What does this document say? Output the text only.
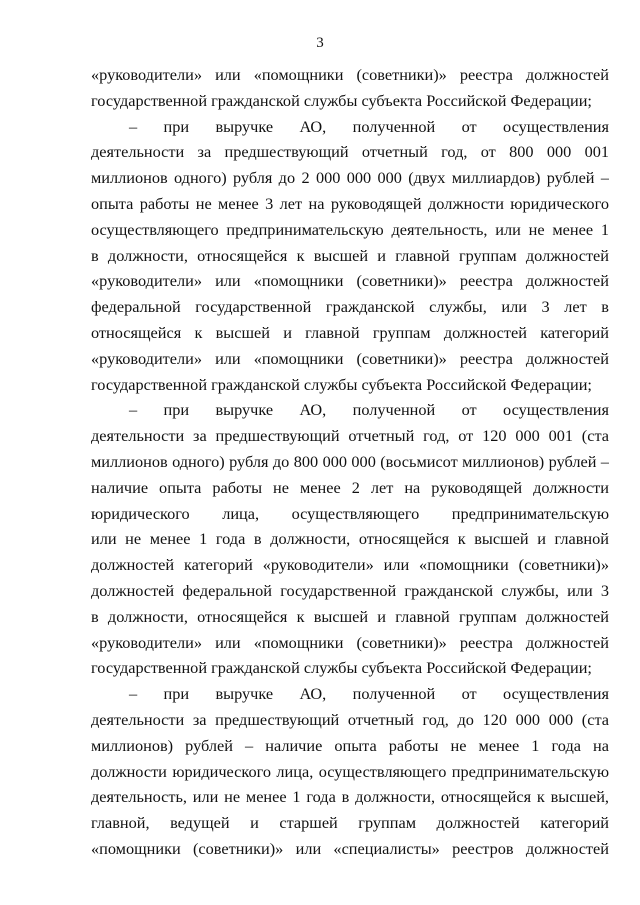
3
«руководители» или «помощники (советники)» реестра должностей
государственной гражданской службы субъекта Российской Федерации;
– при выручке АО, полученной от осуществления
деятельности за предшествующий отчетный год, от 800 000 001
миллионов одного) рубля до 2 000 000 000 (двух миллиардов) рублей –
опыта работы не менее 3 лет на руководящей должности юридического
осуществляющего предпринимательскую деятельность, или не менее 1
в должности, относящейся к высшей и главной группам должностей
«руководители» или «помощники (советники)» реестра должностей
федеральной государственной гражданской службы, или 3 лет в
относящейся к высшей и главной группам должностей категорий
«руководители» или «помощники (советники)» реестра должностей
государственной гражданской службы субъекта Российской Федерации;
– при выручке АО, полученной от осуществления
деятельности за предшествующий отчетный год, от 120 000 001 (ста
миллионов одного) рубля до 800 000 000 (восьмисот миллионов) рублей –
наличие опыта работы не менее 2 лет на руководящей должности
юридического лица, осуществляющего предпринимательскую
или не менее 1 года в должности, относящейся к высшей и главной
должностей категорий «руководители» или «помощники (советники)»
должностей федеральной государственной гражданской службы, или 3
в должности, относящейся к высшей и главной группам должностей
«руководители» или «помощники (советники)» реестра должностей
государственной гражданской службы субъекта Российской Федерации;
– при выручке АО, полученной от осуществления
деятельности за предшествующий отчетный год, до 120 000 000 (ста
миллионов) рублей – наличие опыта работы не менее 1 года на
должности юридического лица, осуществляющего предпринимательскую
деятельность, или не менее 1 года в должности, относящейся к высшей,
главной, ведущей и старшей группам должностей категорий
«помощники (советники)» или «специалисты» реестров должностей
